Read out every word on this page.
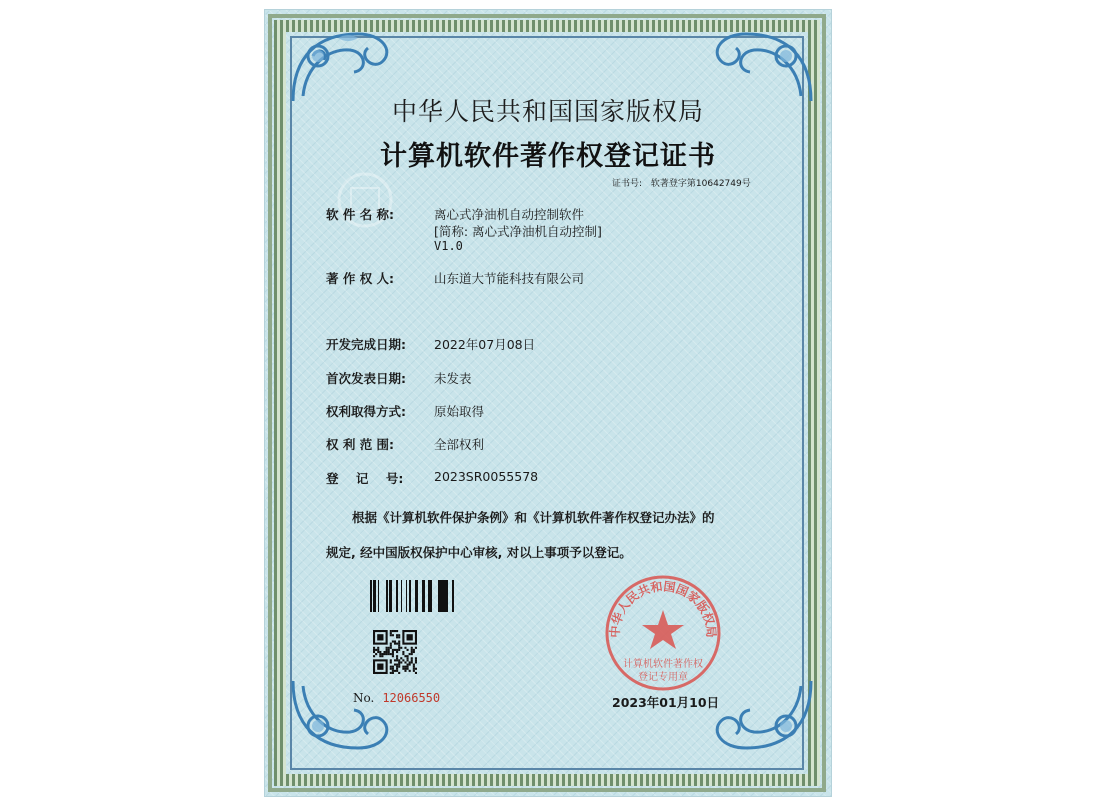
中华人民共和国国家版权局
计算机软件著作权登记证书
证书号: 软著登字第10642749号
软 件 名 称:	离心式净油机自动控制软件
[简称: 离心式净油机自动控制]
V1.0
著 作 权 人:	山东道大节能科技有限公司
开发完成日期: 2022年07月08日
首次发表日期: 未发表
权利取得方式: 原始取得
权 利 范 围:	全部权利
登    记    号: 2023SR0055578
根据《计算机软件保护条例》和《计算机软件著作权登记办法》的
规定, 经中国版权保护中心审核, 对以上事项予以登记。
No. 12066550
中华人民共和国国家版权局
计算机软件著作权
登记专用章
2023年01月10日
